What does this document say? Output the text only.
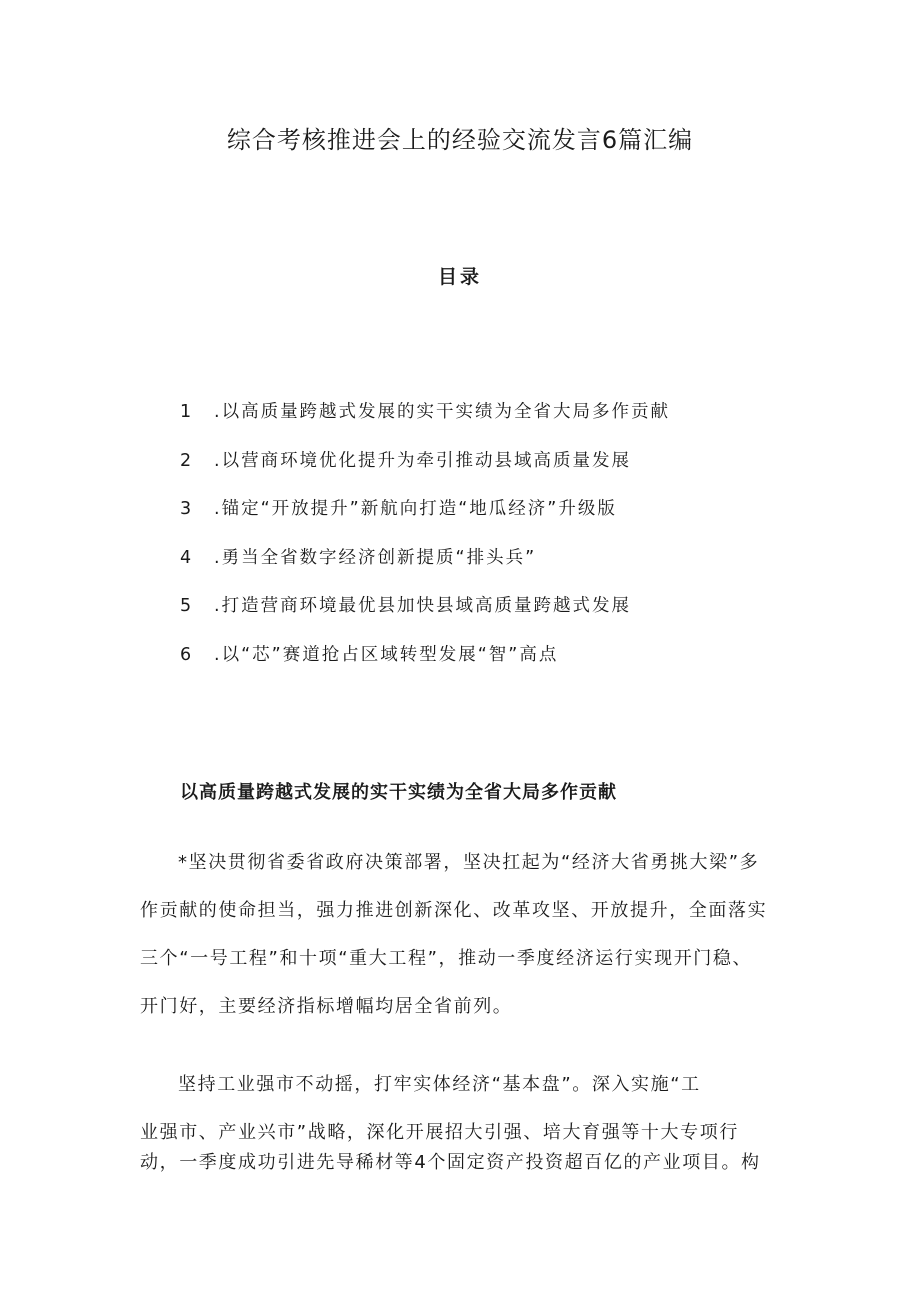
综合考核推进会上的经验交流发言6篇汇编
目录
1 .以高质量跨越式发展的实干实绩为全省大局多作贡献
2 .以营商环境优化提升为牵引推动县域高质量发展
3 .锚定“开放提升”新航向打造“地瓜经济”升级版
4 .勇当全省数字经济创新提质“排头兵”
5 .打造营商环境最优县加快县域高质量跨越式发展
6 .以“芯”赛道抢占区域转型发展“智”高点
以高质量跨越式发展的实干实绩为全省大局多作贡献
*坚决贯彻省委省政府决策部署，坚决扛起为“经济大省勇挑大梁”多
作贡献的使命担当，强力推进创新深化、改革攻坚、开放提升，全面落实
三个“一号工程”和十项“重大工程”，推动一季度经济运行实现开门稳、
开门好，主要经济指标增幅均居全省前列。
坚持工业强市不动摇，打牢实体经济“基本盘”。深入实施“工
业强市、产业兴市”战略，深化开展招大引强、培大育强等十大专项行
动，一季度成功引进先导稀材等4个固定资产投资超百亿的产业项目。构
